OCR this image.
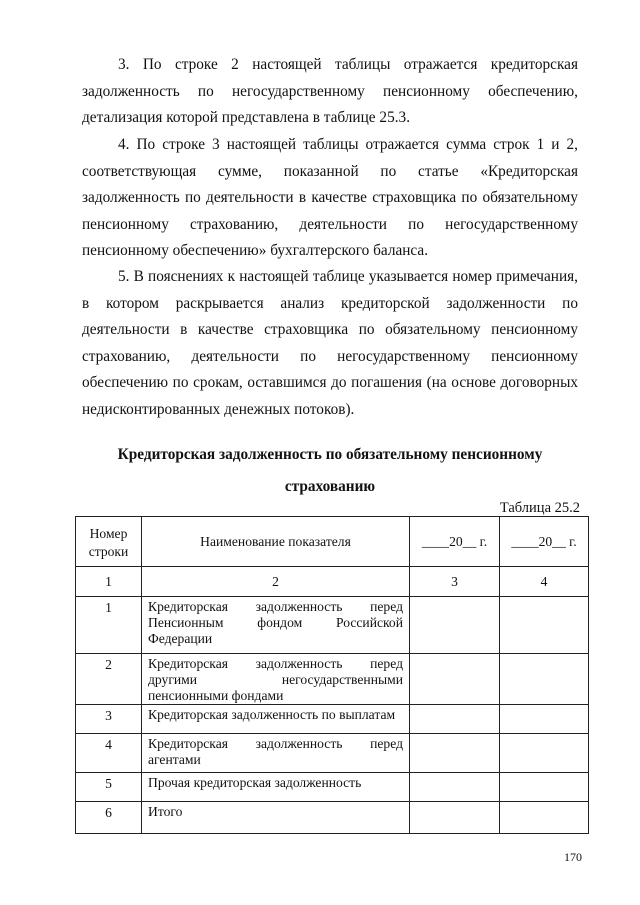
3. По строке 2 настоящей таблицы отражается кредиторская задолженность по негосударственному пенсионному обеспечению, детализация которой представлена в таблице 25.3.

4. По строке 3 настоящей таблицы отражается сумма строк 1 и 2, соответствующая сумме, показанной по статье «Кредиторская задолженность по деятельности в качестве страховщика по обязательному пенсионному страхованию, деятельности по негосударственному пенсионному обеспечению» бухгалтерского баланса.

5. В пояснениях к настоящей таблице указывается номер примечания, в котором раскрывается анализ кредиторской задолженности по деятельности в качестве страховщика по обязательному пенсионному страхованию, деятельности по негосударственному пенсионному обеспечению по срокам, оставшимся до погашения (на основе договорных недисконтированных денежных потоков).

Кредиторская задолженность по обязательному пенсионному

страхованию

Таблица 25.2
Номер строки	Наименование показателя	____20__ г.	____20__ г.
1	2	3	4

1	Кредиторская задолженность перед Пенсионным фондом Российской Федерации		

2	Кредиторская задолженность перед другими негосударственными пенсионными фондами		

3	Кредиторская задолженность по выплатам		

4	Кредиторская задолженность перед агентами		

5	Прочая кредиторская задолженность		

6	Итого		

170
